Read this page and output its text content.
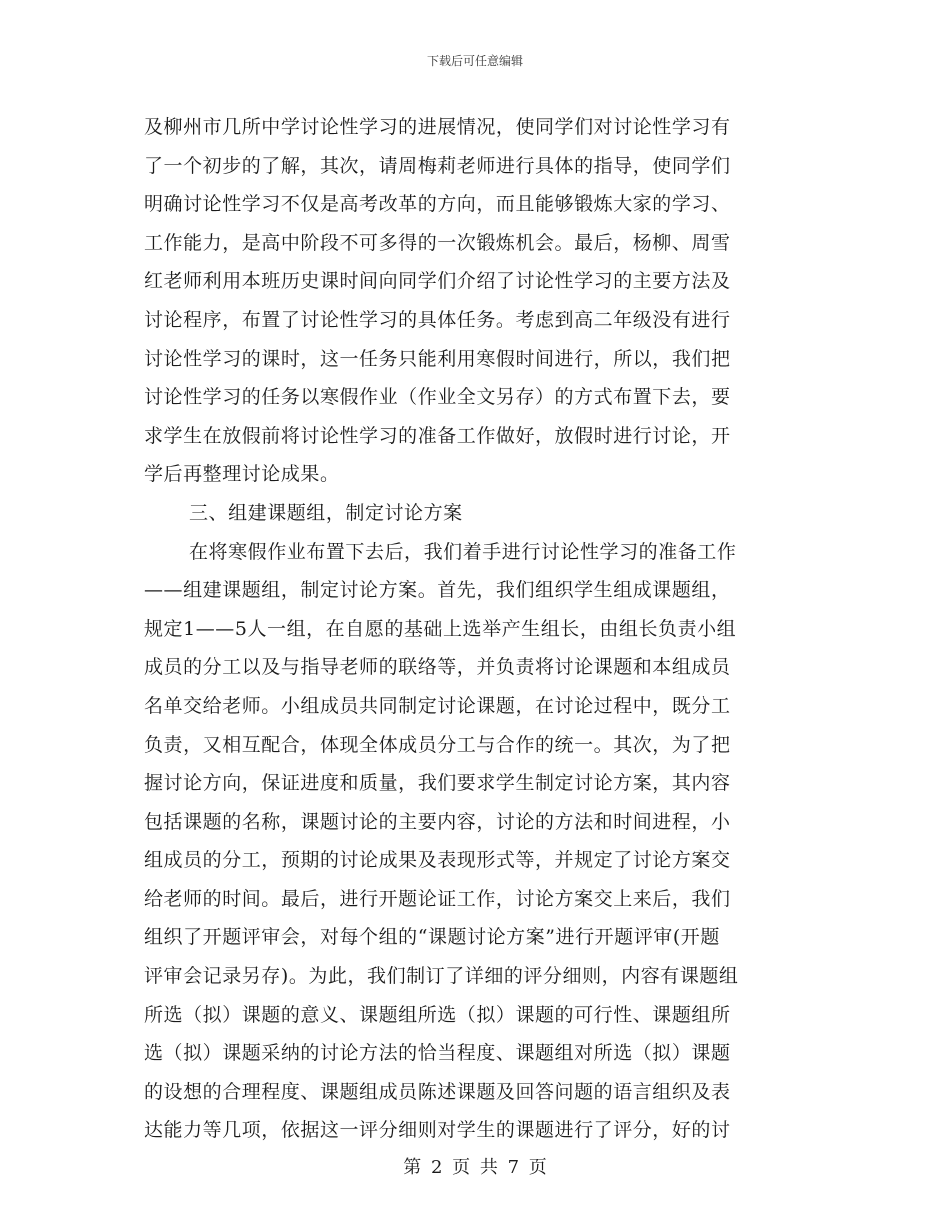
下载后可任意编辑
及柳州市几所中学讨论性学习的进展情况，使同学们对讨论性学习有
了一个初步的了解，其次，请周梅莉老师进行具体的指导，使同学们
明确讨论性学习不仅是高考改革的方向，而且能够锻炼大家的学习、
工作能力，是高中阶段不可多得的一次锻炼机会。最后，杨柳、周雪
红老师利用本班历史课时间向同学们介绍了讨论性学习的主要方法及
讨论程序，布置了讨论性学习的具体任务。考虑到高二年级没有进行
讨论性学习的课时，这一任务只能利用寒假时间进行，所以，我们把
讨论性学习的任务以寒假作业（作业全文另存）的方式布置下去，要
求学生在放假前将讨论性学习的准备工作做好，放假时进行讨论，开
学后再整理讨论成果。
三、组建课题组，制定讨论方案
在将寒假作业布置下去后，我们着手进行讨论性学习的准备工作
——组建课题组，制定讨论方案。首先，我们组织学生组成课题组，
规定1——5人一组，在自愿的基础上选举产生组长，由组长负责小组
成员的分工以及与指导老师的联络等，并负责将讨论课题和本组成员
名单交给老师。小组成员共同制定讨论课题，在讨论过程中，既分工
负责，又相互配合，体现全体成员分工与合作的统一。其次，为了把
握讨论方向，保证进度和质量，我们要求学生制定讨论方案，其内容
包括课题的名称，课题讨论的主要内容，讨论的方法和时间进程，小
组成员的分工，预期的讨论成果及表现形式等，并规定了讨论方案交
给老师的时间。最后，进行开题论证工作，讨论方案交上来后，我们
组织了开题评审会，对每个组的“课题讨论方案”进行开题评审(开题
评审会记录另存)。为此，我们制订了详细的评分细则，内容有课题组
所选（拟）课题的意义、课题组所选（拟）课题的可行性、课题组所
选（拟）课题采纳的讨论方法的恰当程度、课题组对所选（拟）课题
的设想的合理程度、课题组成员陈述课题及回答问题的语言组织及表
达能力等几项，依据这一评分细则对学生的课题进行了评分，好的讨
第 2 页 共 7 页
